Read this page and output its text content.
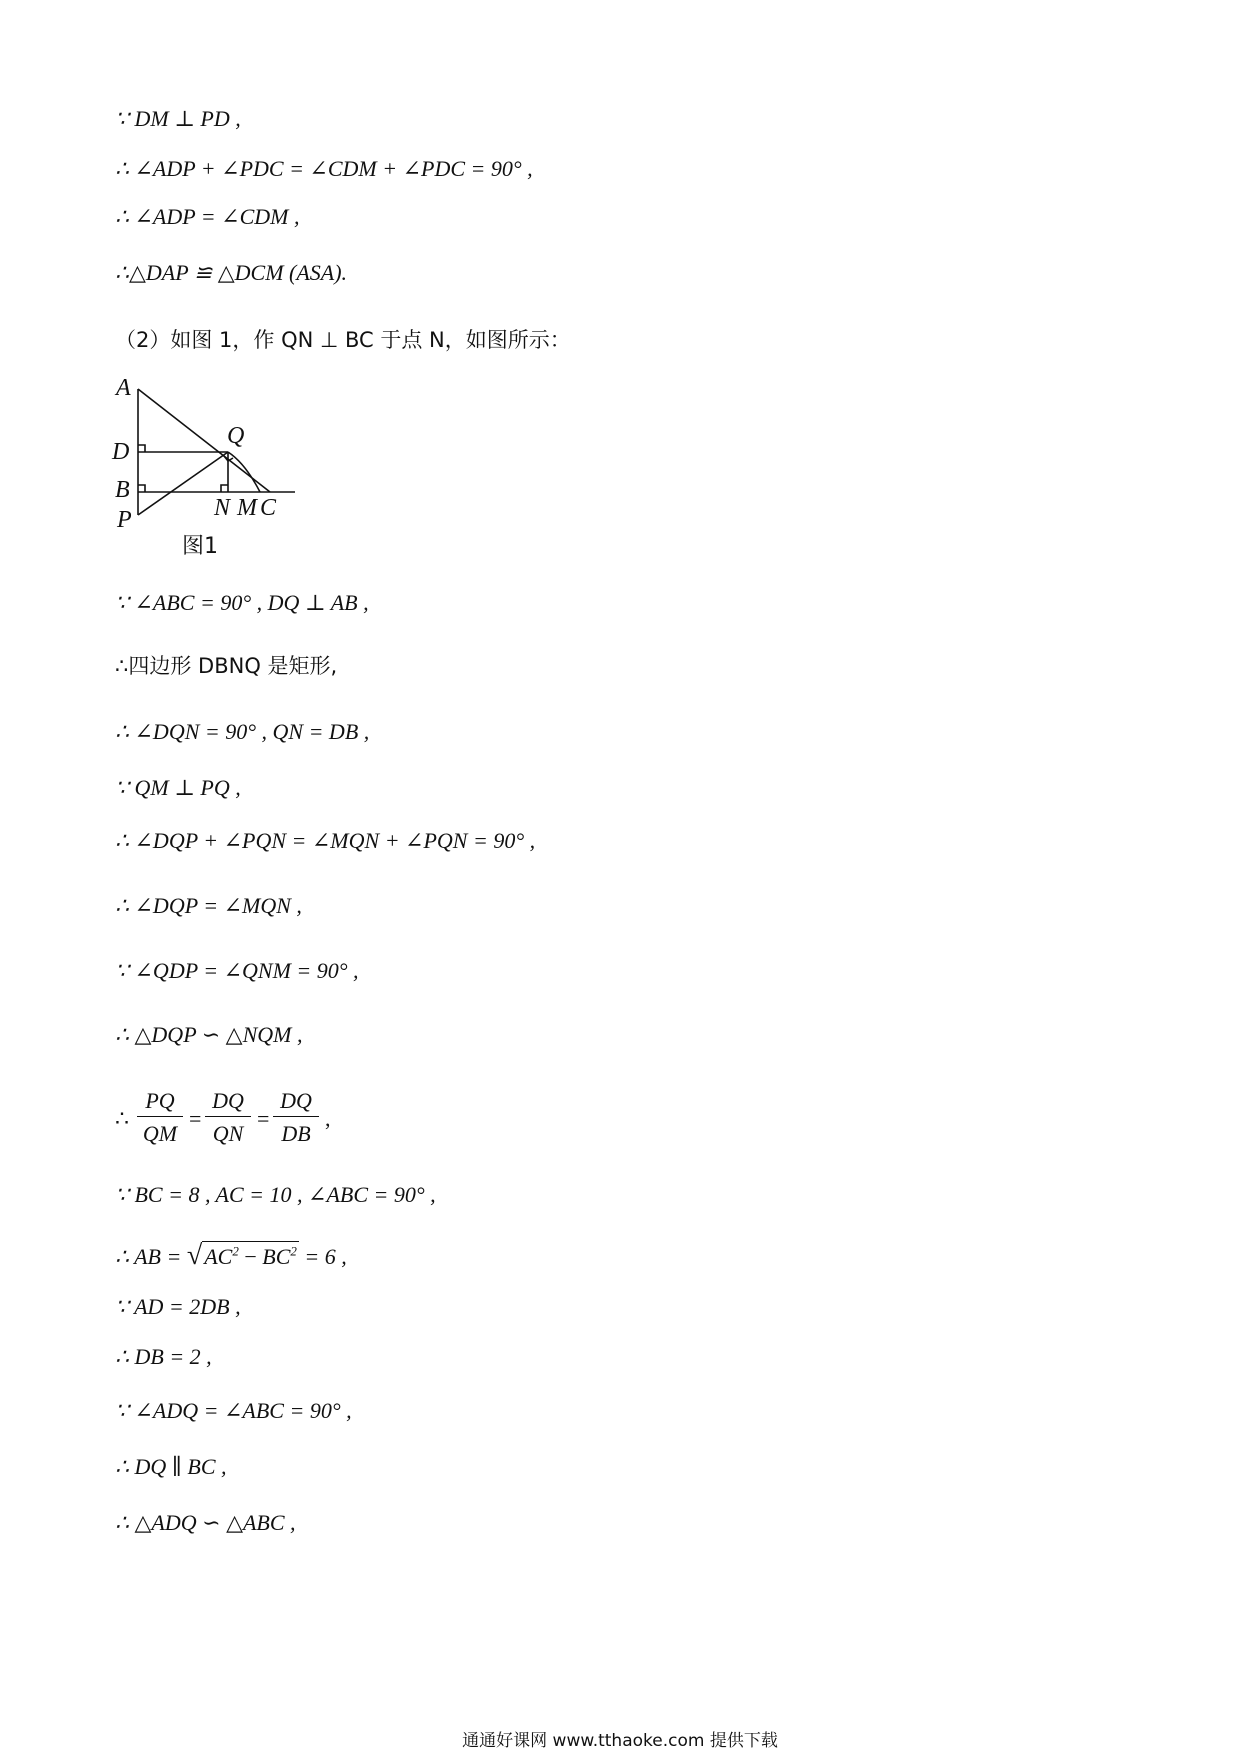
∵ DM ⊥ PD ,
∴ ∠ADP + ∠PDC = ∠CDM + ∠PDC = 90° ,
∴ ∠ADP = ∠CDM ,
∴△DAP ≌ △DCM (ASA).
（2）如图 1，作 QN ⊥ BC 于点 N，如图所示：
A
D
B
P
Q
N M C
图1
∵ ∠ABC = 90° , DQ ⊥ AB ,
∴四边形 DBNQ 是矩形,
∴ ∠DQN = 90° , QN = DB ,
∵ QM ⊥ PQ ,
∴ ∠DQP + ∠PQN = ∠MQN + ∠PQN = 90° ,
∴ ∠DQP = ∠MQN ,
∵ ∠QDP = ∠QNM = 90° ,
∴ △DQP ∽ △NQM ,
∴ $\frac{PQ}{QM} = \frac{DQ}{QN} = \frac{DQ}{DB}$ ,
∵ BC = 8 , AC = 10 , ∠ABC = 90° ,
∴ AB = $√AC^2 - BC^2 = 6$ ,
∵ AD = 2DB ,
∴ DB = 2 ,
∵ ∠ADQ = ∠ABC = 90° ,
∴ DQ ∥ BC ,
∴ △ADQ ∽ △ABC ,
通通好课网 www.tthaoke.com 提供下载
